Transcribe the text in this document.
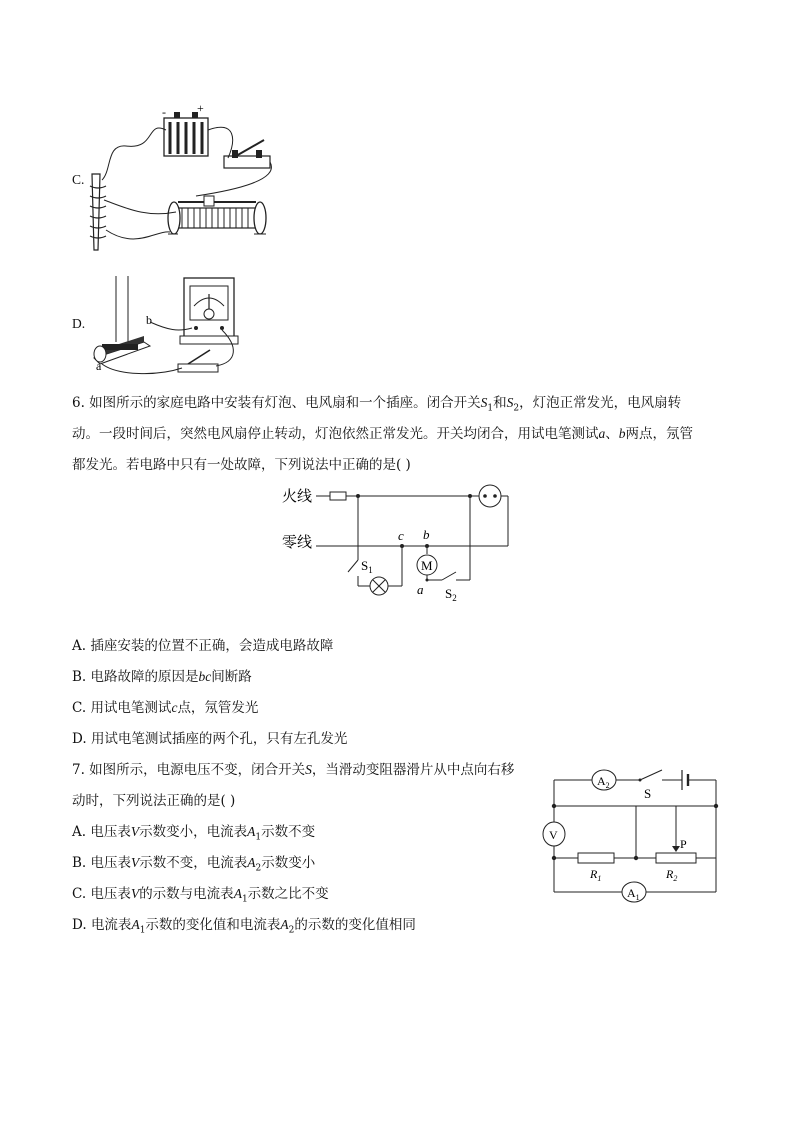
C.
-	+
D.	b
a
6. 如图所示的家庭电路中安装有灯泡、电风扇和一个插座。闭合开关$S_1$和$S_2$，灯泡正常发光，电风扇转
动。一段时间后，突然电风扇停止转动，灯泡依然正常发光。开关均闭合，用试电笔测试a、b两点，氖管
都发光。若电路中只有一处故障，下列说法中正确的是( )
火线
零线	c b
$S_1$	M
a $S_2$
A. 插座安装的位置不正确，会造成电路故障
B. 电路故障的原因是bc间断路
C. 用试电笔测试c点，氖管发光
D. 用试电笔测试插座的两个孔，只有左孔发光
7. 如图所示，电源电压不变，闭合开关S，当滑动变阻器滑片从中点向右移
动时，下列说法正确的是( )
A. 电压表V示数变小，电流表$A_1$示数不变
B. 电压表V示数不变，电流表$A_2$示数变小
C. 电压表V的示数与电流表$A_1$示数之比不变
D. 电流表$A_1$示数的变化值和电流表$A_2$的示数的变化值相同
$A_2$
S
V
P
$R_1$	$R_2$
$A_1$
